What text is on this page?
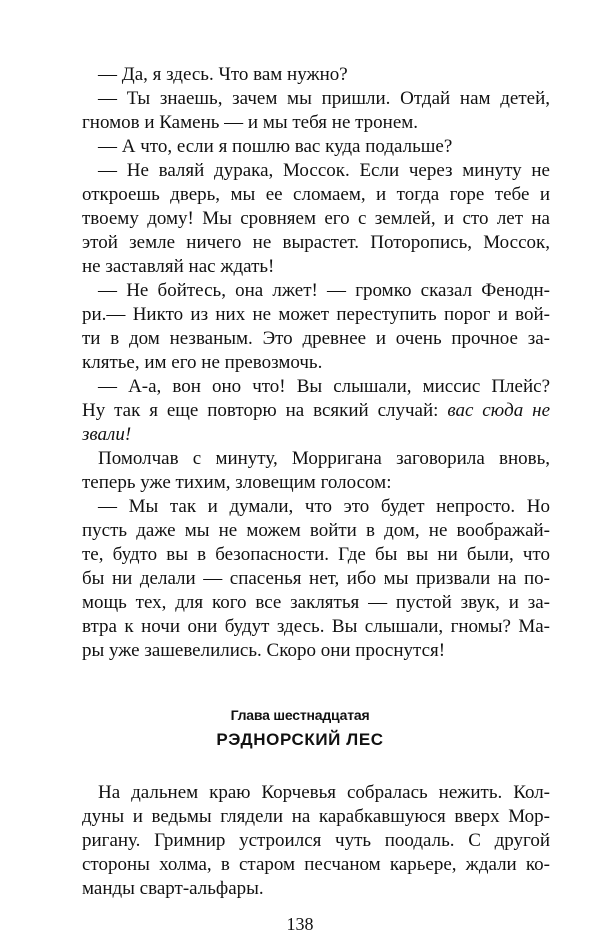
— Да, я здесь. Что вам нужно?
— Ты знаешь, зачем мы пришли. Отдай нам детей,
гномов и Камень — и мы тебя не тронем.
— А что, если я пошлю вас куда подальше?
— Не валяй дурака, Моссок. Если через минуту не
откроешь дверь, мы ее сломаем, и тогда горе тебе и
твоему дому! Мы сровняем его с землей, и сто лет на
этой земле ничего не вырастет. Поторопись, Моссок,
не заставляй нас ждать!
— Не бойтесь, она лжет! — громко сказал Фенодн-
ри.— Никто из них не может переступить порог и вой-
ти в дом незваным. Это древнее и очень прочное за-
клятье, им его не превозмочь.
— А-а, вон оно что! Вы слышали, миссис Плейс?
Ну так я еще повторю на всякий случай: вас сюда не
звали!
Помолчав с минуту, Морригана заговорила вновь,
теперь уже тихим, зловещим голосом:
— Мы так и думали, что это будет непросто. Но
пусть даже мы не можем войти в дом, не воображай-
те, будто вы в безопасности. Где бы вы ни были, что
бы ни делали — спасенья нет, ибо мы призвали на по-
мощь тех, для кого все заклятья — пустой звук, и за-
втра к ночи они будут здесь. Вы слышали, гномы? Ма-
ры уже зашевелились. Скоро они проснутся!
Глава шестнадцатая
РЭДНОРСКИЙ ЛЕС
На дальнем краю Корчевья собралась нежить. Кол-
дуны и ведьмы глядели на карабкавшуюся вверх Мор-
ригану. Гримнир устроился чуть поодаль. С другой
стороны холма, в старом песчаном карьере, ждали ко-
манды сварт-альфары.
138
